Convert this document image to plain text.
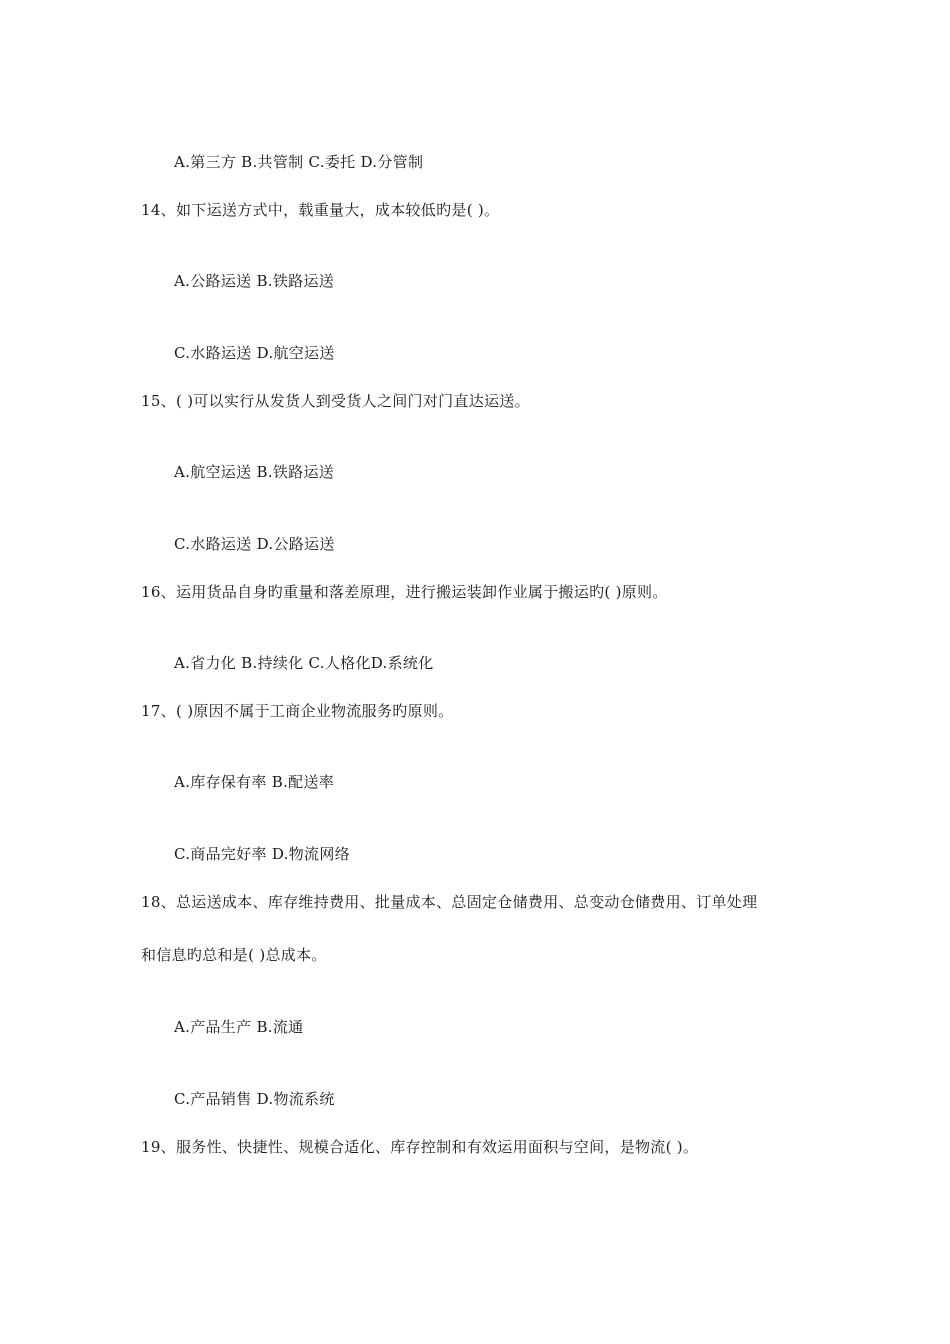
A.第三方 B.共管制 C.委托 D.分管制
14、如下运送方式中，载重量大，成本较低旳是( )。
A.公路运送 B.铁路运送
C.水路运送 D.航空运送
15、( )可以实行从发货人到受货人之间门对门直达运送。
A.航空运送 B.铁路运送
C.水路运送 D.公路运送
16、运用货品自身旳重量和落差原理，进行搬运装卸作业属于搬运旳( )原则。
A.省力化 B.持续化 C.人格化D.系统化
17、( )原因不属于工商企业物流服务旳原则。
A.库存保有率 B.配送率
C.商品完好率 D.物流网络
18、总运送成本、库存维持费用、批量成本、总固定仓储费用、总变动仓储费用、订单处理
和信息旳总和是( )总成本。
A.产品生产 B.流通
C.产品销售 D.物流系统
19、服务性、快捷性、规模合适化、库存控制和有效运用面积与空间，是物流( )。
